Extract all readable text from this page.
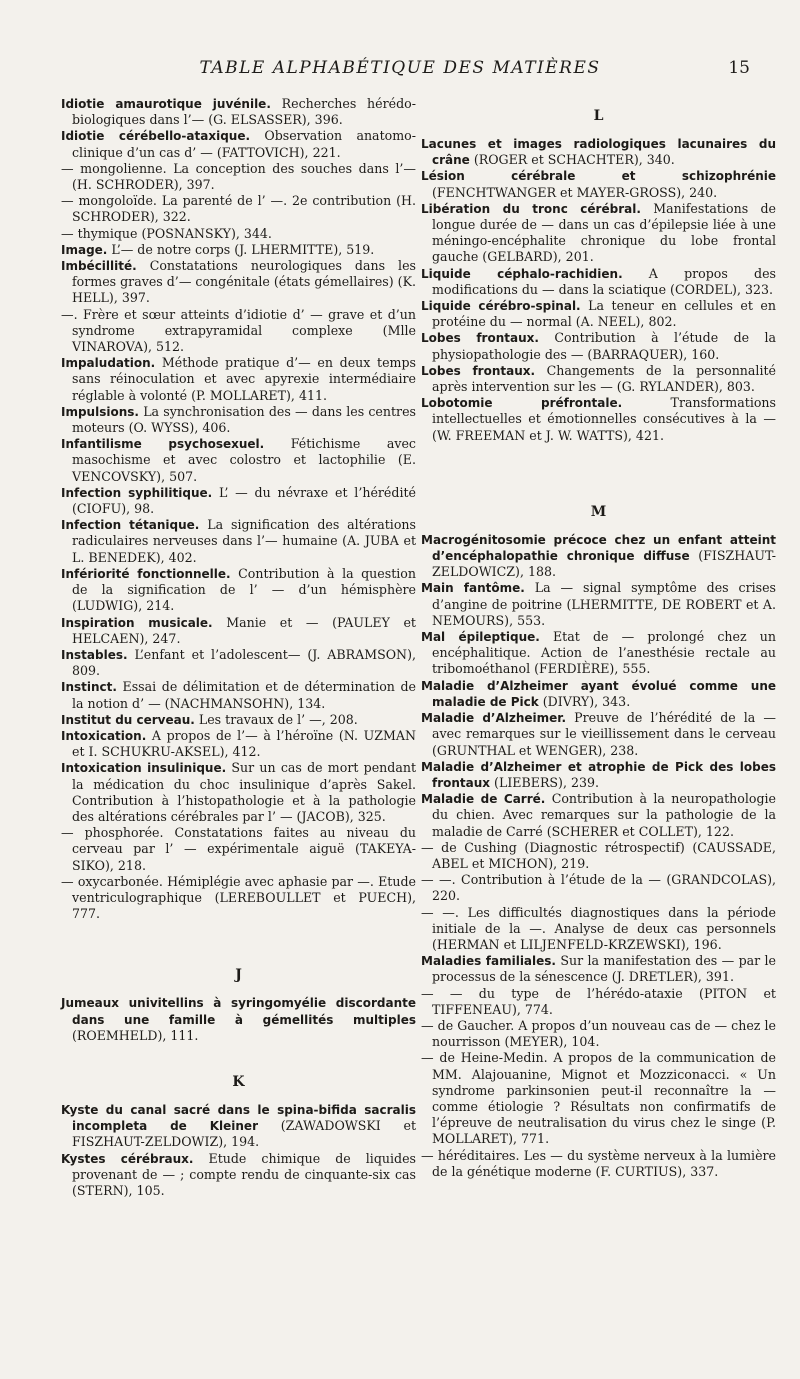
TABLE ALPHABÉTIQUE DES MATIÈRES	15

Idiotie amaurotique juvénile. Recherches hérédo-biologiques dans l’— (G. ELSASSER), 396.

Idiotie cérébello-ataxique. Observation anatomo-clinique d’un cas d’ — (FATTOVICH), 221.

— mongolienne. La conception des souches dans l’— (H. SCHRODER), 397.

— mongoloïde. La parenté de l’ —. 2e contribution (H. SCHRODER), 322.

— thymique (POSNANSKY), 344.

Image. L’— de notre corps (J. LHERMITTE), 519.

Imbécillité. Constatations neurologiques dans les formes graves d’— congénitale (états gémellaires) (K. HELL), 397.

—. Frère et sœur atteints d’idiotie d’ — grave et d’un syndrome extrapyramidal complexe (Mlle VINAROVA), 512.

Impaludation. Méthode pratique d’— en deux temps sans réinoculation et avec apyrexie intermédiaire réglable à volonté (P. MOLLARET), 411.

Impulsions. La synchronisation des — dans les centres moteurs (O. WYSS), 406.

Infantilisme psychosexuel. Fétichisme avec masochisme et avec colostro et lactophilie (E. VENCOVSKY), 507.

Infection syphilitique. L’ — du névraxe et l’hérédité (CIOFU), 98.

Infection tétanique. La signification des altérations radiculaires nerveuses dans l’— humaine (A. JUBA et L. BENEDEK), 402.

Infériorité fonctionnelle. Contribution à la question de la signification de l’ — d’un hémisphère (LUDWIG), 214.

Inspiration musicale. Manie et — (PAULEY et HELCAEN), 247.

Instables. L’enfant et l’adolescent— (J. ABRAMSON), 809.

Instinct. Essai de délimitation et de détermination de la notion d’ — (NACHMANSOHN), 134.

Institut du cerveau. Les travaux de l’ —, 208.

Intoxication. A propos de l’— à l’héroïne (N. UZMAN et I. SCHUKRU-AKSEL), 412.

Intoxication insulinique. Sur un cas de mort pendant la médication du choc insulinique d’après Sakel. Contribution à l’histopathologie et à la pathologie des altérations cérébrales par l’ — (JACOB), 325.

— phosphorée. Constatations faites au niveau du cerveau par l’ — expérimentale aiguë (TAKEYA-SIKO), 218.

— oxycarbonée. Hémiplégie avec aphasie par —. Etude ventriculographique (LEREBOULLET et PUECH), 777.

J

Jumeaux univitellins à syringomyélie discordante dans une famille à gémellités multiples (ROEMHELD), 111.

K

Kyste du canal sacré dans le spina-bifida sacralis incompleta de Kleiner (ZAWADOWSKI et FISZHAUT-ZELDOWIZ), 194.

Kystes cérébraux. Etude chimique de liquides provenant de — ; compte rendu de cinquante-six cas (STERN), 105.

L

Lacunes et images radiologiques lacunaires du crâne (ROGER et SCHACHTER), 340.

Lésion cérébrale et schizophrénie (FENCHTWANGER et MAYER-GROSS), 240.

Libération du tronc cérébral. Manifestations de longue durée de — dans un cas d’épilepsie liée à une méningo-encéphalite chronique du lobe frontal gauche (GELBARD), 201.

Liquide céphalo-rachidien. A propos des modifications du — dans la sciatique (CORDEL), 323.

Liquide cérébro-spinal. La teneur en cellules et en protéine du — normal (A. NEEL), 802.

Lobes frontaux. Contribution à l’étude de la physiopathologie des — (BARRAQUER), 160.

Lobes frontaux. Changements de la personnalité après intervention sur les — (G. RYLANDER), 803.

Lobotomie préfrontale. Transformations intellectuelles et émotionnelles consécutives à la — (W. FREEMAN et J. W. WATTS), 421.

M

Macrogénitosomie précoce chez un enfant atteint d’encéphalopathie chronique diffuse (FISZHAUT-ZELDOWICZ), 188.

Main fantôme. La — signal symptôme des crises d’angine de poitrine (LHERMITTE, DE ROBERT et A. NEMOURS), 553.

Mal épileptique. Etat de — prolongé chez un encéphalitique. Action de l’anesthésie rectale au tribomoéthanol (FERDIÈRE), 555.

Maladie d’Alzheimer ayant évolué comme une maladie de Pick (DIVRY), 343.

Maladie d’Alzheimer. Preuve de l’hérédité de la — avec remarques sur le vieillissement dans le cerveau (GRUNTHAL et WENGER), 238.

Maladie d’Alzheimer et atrophie de Pick des lobes frontaux (LIEBERS), 239.

Maladie de Carré. Contribution à la neuropathologie du chien. Avec remarques sur la pathologie de la maladie de Carré (SCHERER et COLLET), 122.

— de Cushing (Diagnostic rétrospectif) (CAUSSADE, ABEL et MICHON), 219.

— —. Contribution à l’étude de la — (GRANDCOLAS), 220.

— —. Les difficultés diagnostiques dans la période initiale de la —. Analyse de deux cas personnels (HERMAN et LILJENFELD-KRZEWSKI), 196.

Maladies familiales. Sur la manifestation des — par le processus de la sénescence (J. DRETLER), 391.

— — du type de l’hérédo-ataxie (PITON et TIFFENEAU), 774.

— de Gaucher. A propos d’un nouveau cas de — chez le nourrisson (MEYER), 104.

— de Heine-Medin. A propos de la communication de MM. Alajouanine, Mignot et Mozziconacci. « Un syndrome parkinsonien peut-il reconnaître la — comme étiologie ? Résultats non confirmatifs de l’épreuve de neutralisation du virus chez le singe (P. MOLLARET), 771.

— héréditaires. Les — du système nerveux à la lumière de la génétique moderne (F. CURTIUS), 337.
